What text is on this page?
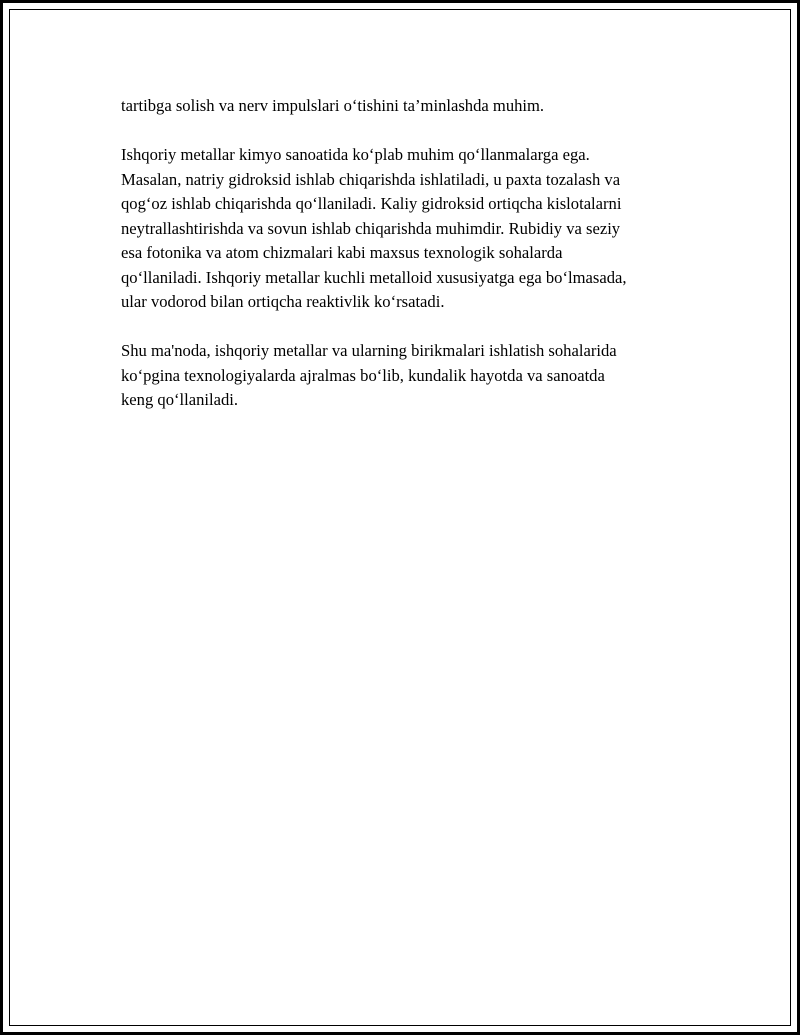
tartibga solish va nerv impulslari o‘tishini ta’minlashda muhim.

Ishqoriy metallar kimyo sanoatida ko‘plab muhim qo‘llanmalarga ega.
Masalan, natriy gidroksid ishlab chiqarishda ishlatiladi, u paxta tozalash va
qog‘oz ishlab chiqarishda qo‘llaniladi. Kaliy gidroksid ortiqcha kislotalarni
neytrallashtirishda va sovun ishlab chiqarishda muhimdir. Rubidiy va seziy
esa fotonika va atom chizmalari kabi maxsus texnologik sohalarda
qo‘llaniladi. Ishqoriy metallar kuchli metalloid xususiyatga ega bo‘lmasada,
ular vodorod bilan ortiqcha reaktivlik ko‘rsatadi.

Shu ma'noda, ishqoriy metallar va ularning birikmalari ishlatish sohalarida
ko‘pgina texnologiyalarda ajralmas bo‘lib, kundalik hayotda va sanoatda
keng qo‘llaniladi.
